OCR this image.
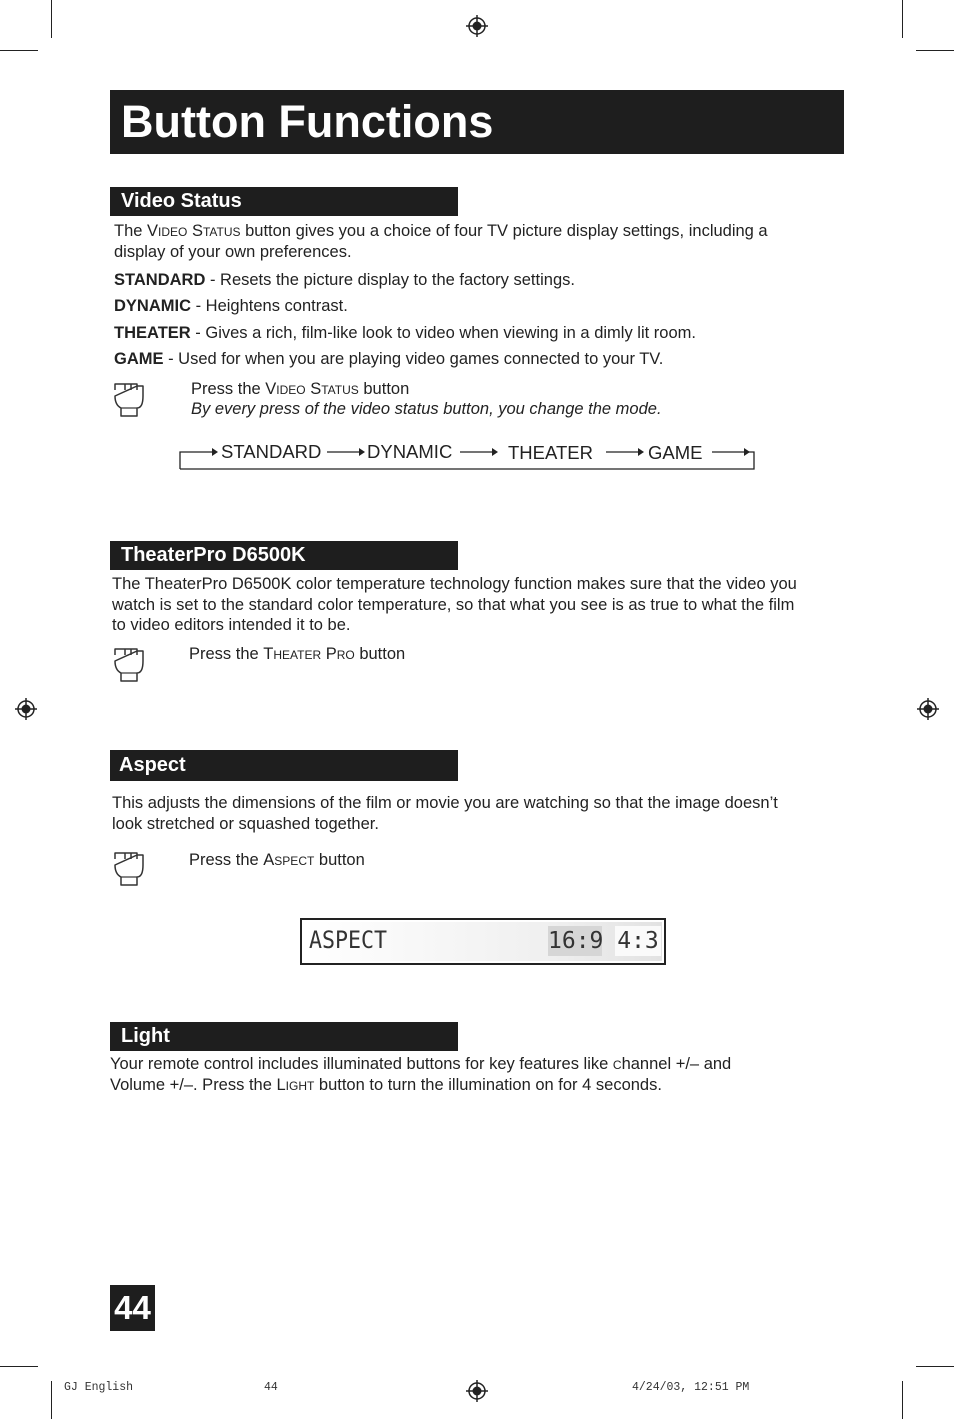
Button Functions
Video Status
The Video Status button gives you a choice of four TV picture display settings, including a
display of your own preferences.
STANDARD - Resets the picture display to the factory settings.
DYNAMIC - Heightens contrast.
THEATER - Gives a rich, film-like look to video when viewing in a dimly lit room.
GAME - Used for when you are playing video games connected to your TV.
Press the Video Status button
By every press of the video status button, you change the mode.
STANDARD DYNAMIC	THEATER	GAME
TheaterPro D6500K
The TheaterPro D6500K color temperature technology function makes sure that the video you
watch is set to the standard color temperature, so that what you see is as true to what the film
to video editors intended it to be.
Press the Theater Pro button
Aspect
This adjusts the dimensions of the film or movie you are watching so that the image doesn’t
look stretched or squashed together.
Press the Aspect button
ASPECT	16:9 4:3
Light
Your remote control includes illuminated buttons for key features like channel +/– and
Volume +/–. Press the Light button to turn the illumination on for 4 seconds.
44
GJ English	44	4/24/03, 12:51 PM
